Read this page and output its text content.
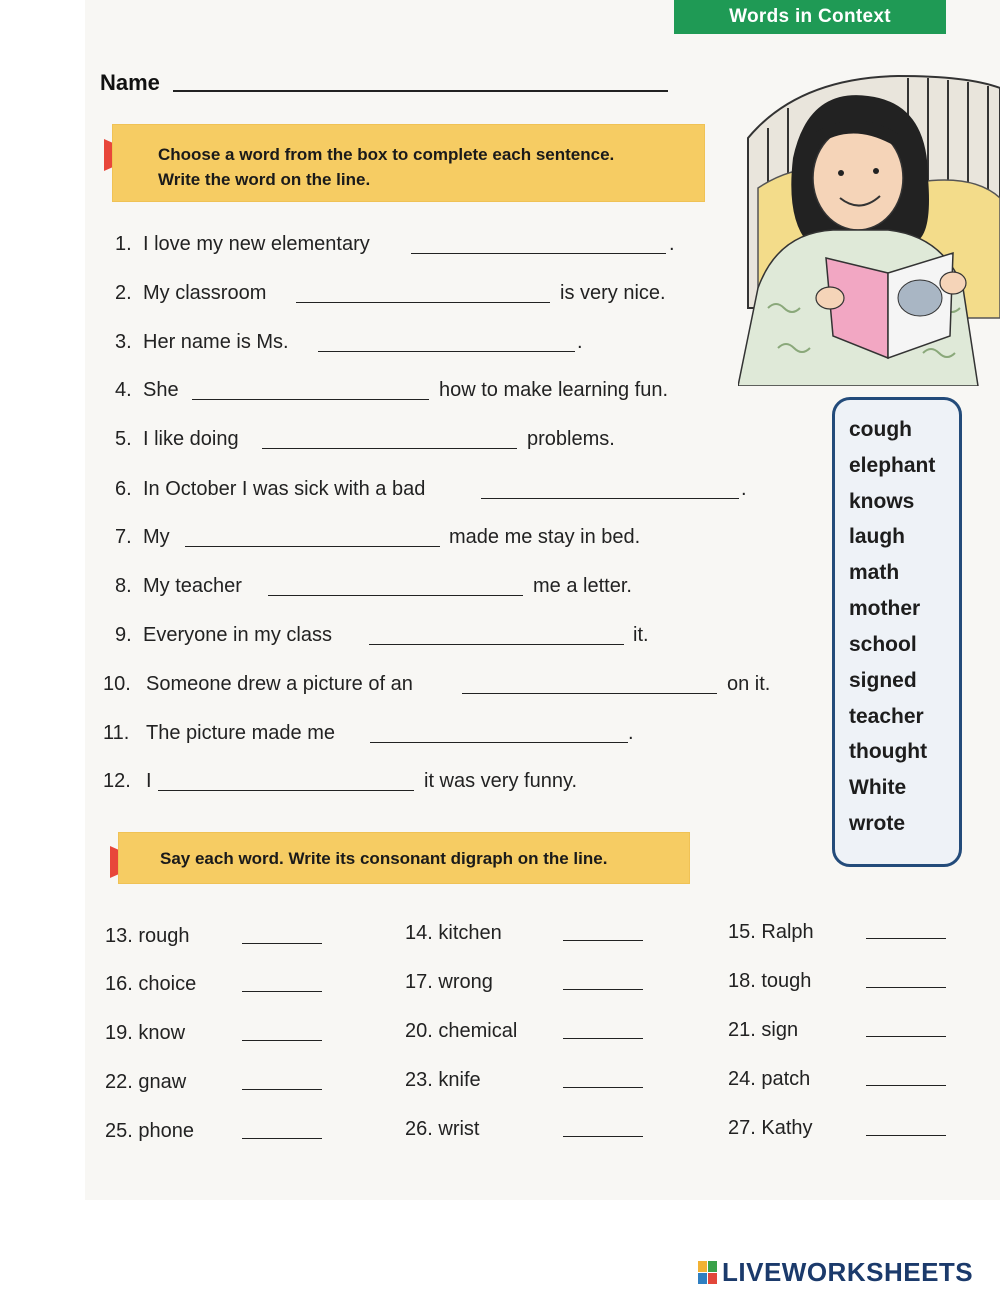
Words in Context
Name
Choose a word from the box to complete each sentence.
Write the word on the line.
1. I love my new elementary	.
2. My classroom	is very nice.
3. Her name is Ms.	.
4. She	how to make learning fun.
5. I like doing	problems.
6. In October I was sick with a bad	.
7. My	made me stay in bed.
8. My teacher	me a letter.
9. Everyone in my class	it.
10. Someone drew a picture of an	on it.
11. The picture made me	.
12. I	it was very funny.
cough
elephant
knows
laugh
math
mother
school
signed
teacher
thought
White
wrote
Say each word. Write its consonant digraph on the line.
13. rough	14. kitchen	15. Ralph
16. choice	17. wrong	18. tough
19. know	20. chemical	21. sign
22. gnaw	23. knife	24. patch
25. phone	26. wrist	27. Kathy
LIVEWORKSHEETS
